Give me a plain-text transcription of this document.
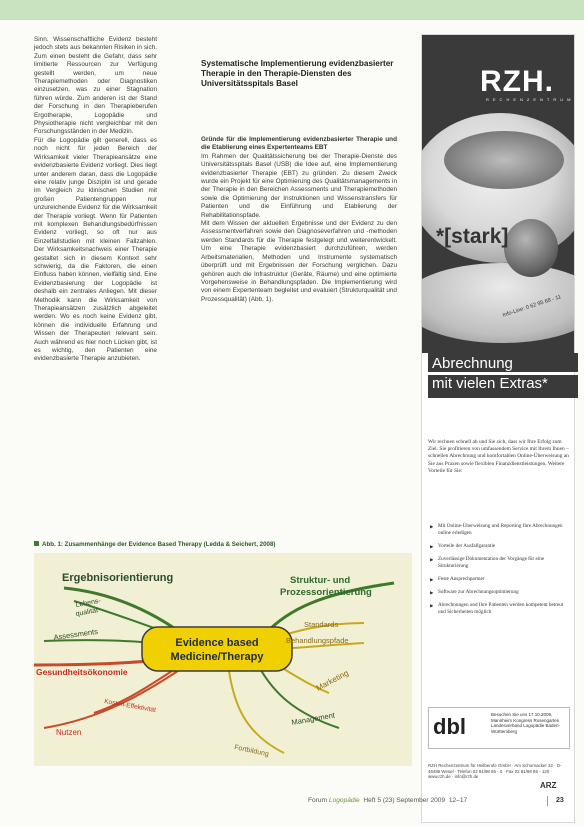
Sinn. Wissenschaftliche Evidenz besteht jedoch stets aus bekannten Risiken in sich. Zum einen besteht die Gefahr, dass sehr limitierte Ressourcen zur Verfügung gestellt werden, um neue Therapiemethoden oder Diagnostiken einzusetzen, was zu einer Stagnation führen würde. Zum anderen ist der Stand der Forschung in den Therapieberufen Ergotherapie, Logopädie und Physiotherapie nicht vergleichbar mit den Forschungsständen in der Medizin.

Für die Logopädie gilt generell, dass es noch nicht für jeden Bereich der Wirksamkeit vieler Therapieansätze eine evidenzbasierte Evidenz vorliegt. Dies liegt unter anderem daran, dass die Logopädie eine relativ junge Disziplin ist und gerade im Vergleich zu klinischen Studien mit großen Patientengruppen nur unzureichende Evidenz für die Wirksamkeit der Therapie vorliegt. Wenn für Patienten mit komplexen Behandlungsbedürfnissen Evidenz vorliegt, so oft nur aus Einzelfallstudien mit kleinen Fallzahlen. Der Wirksamkeitsnachweis einer Therapie gestaltet sich in diesem Kontext sehr schwierig, da die Faktoren, die einen Einfluss haben können, vielfältig sind. Eine Evidenzbasierung der Logopädie ist deshalb ein zentrales Anliegen. Mit dieser Methodik kann die Wirksamkeit von Therapieansätzen zusätzlich abgeleitet werden. Wo es noch keine Evidenz gibt, können die individuelle Erfahrung und Wissen der Therapeuten relevant sein. Auch während es hier noch Lücken gibt, ist es wichtig, den Patienten eine evidenzbasierte Therapie anzubieten.

Systematische Implementierung evidenzbasierter Therapie in den Therapie-Diensten des Universitätsspitals Basel

Gründe für die Implementierung evidenzbasierter Therapie und die Etablierung eines Expertenteams EBT

Im Rahmen der Qualitätssicherung bei der Therapie-Dienste des Universitätsspitals Basel (USB) die Idee auf, eine Implementierung evidenzbasierter Therapie (EBT) zu gründen. Zu diesem Zweck wurde ein Projekt für eine Optimierung des Qualitätsmanagements in der Therapie in den Bereichen Assessments und Therapiemethoden sowie die Optimierung der Instruktionen und Wissenstransfers für Patienten und die Einführung und Etablierung der Rehabilitationspfade.

Mit dem Wissen der aktuellen Ergebnisse und der Evidenz zu den Assessmentverfahren sowie den Diagnoseverfahren und -methoden werden Standards für die Therapie festgelegt und weiterentwickelt. Um eine Therapie evidenzbasiert durchzuführen, werden Arbeitsmaterialien, Methoden und Instrumente systematisch überprüft und mit Ergebnissen der Forschung verglichen. Dazu gehören auch die Infrastruktur (Geräte, Räume) und eine optimierte Vorgehensweise in Behandlungspfaden. Die Implementierung wird von einem Expertenteam begleitet und evaluiert (Strukturqualität und Prozessqualität) (Abb. 1).

RZH.
RECHENZENTRUM
*[stark]
Info-Line: 0 62 95 68 - 11
Abrechnung
mit vielen Extras*
Wir rechnen schnell ab und Sie sich, dass wir Ihre Erfolg zum Ziel. Sie profitieren von umfassendem Service mit Ihrem Ihnen – schnellen Abrechnung und komfortablen Online-Überweisung an Sie aus Praxen sowie flexiblen Finanzdienstleistungen. Weitere Vorteile für Sie:
▶ Mit Online-Überweisung und Reporting Ihre Abrechnungen online erledigen
▶ Vorteile der Ausfallgarantie
▶ Zuverlässige Dokumentation der Vorgänge für eine Strukturierung
▶ Feste Ansprechpartner
▶ Software zur Abrechnungsoptimierung
▶ Abrechnungen und Ihre Patienten werden kompetent betreut und Sicherheiten möglich
dbl	Besuchen Sie uns 17.10.2009, Mannheim Kongress Rosengarten Landesverband Logopädie Baden-Württemberg
RZH Rechenzentrum für Heilberufe GmbH · Am Schornacker 32 · D-46485 Wesel · Telefon 02 81/98 85 - 0 · Fax 02 81/98 85 - 120 · www.rzh.de · info@rzh.de
ARZ
Abb. 1: Zusammenhänge der Evidence Based Therapy (Ledda & Seichert, 2008)
Evidence based
Medicine/Therapy
Ergebnisorientierung
Lebens-
qualität
Assessments
Gesundheitsökonomie
Kosten-Effektivität
Nutzen
Struktur- und
Prozessorientierung
Standards
Behandlungspfade
Marketing
Management
Fortbildung
Forum Logopädie Heft 5 (23) September 2009 12–17	23
